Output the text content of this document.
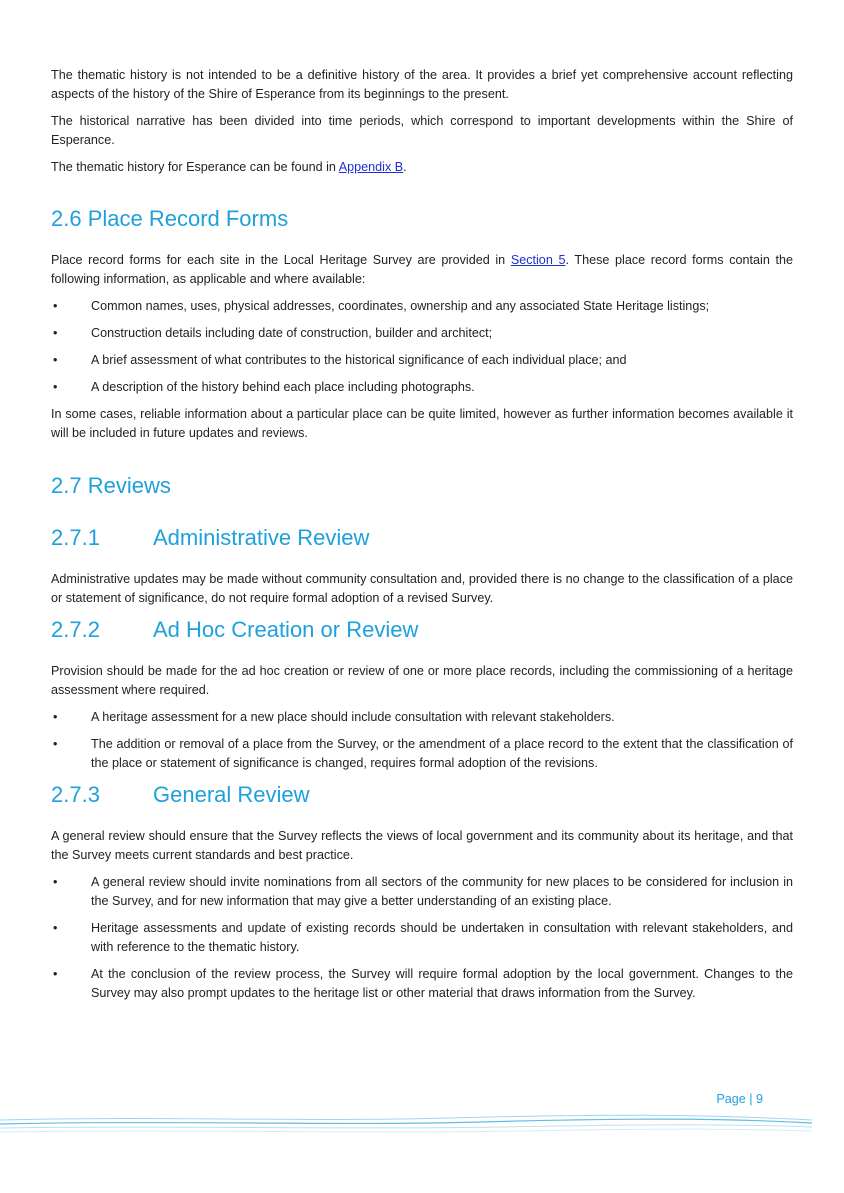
The thematic history is not intended to be a definitive history of the area. It provides a brief yet comprehensive account reflecting aspects of the history of the Shire of Esperance from its beginnings to the present.

The historical narrative has been divided into time periods, which correspond to important developments within the Shire of Esperance.

The thematic history for Esperance can be found in Appendix B.

2.6 Place Record Forms

Place record forms for each site in the Local Heritage Survey are provided in Section 5. These place record forms contain the following information, as applicable and where available:

•	Common names, uses, physical addresses, coordinates, ownership and any associated State Heritage listings;
•	Construction details including date of construction, builder and architect;
•	A brief assessment of what contributes to the historical significance of each individual place; and
•	A description of the history behind each place including photographs.

In some cases, reliable information about a particular place can be quite limited, however as further information becomes available it will be included in future updates and reviews.

2.7 Reviews
2.7.1	Administrative Review

Administrative updates may be made without community consultation and, provided there is no change to the classification of a place or statement of significance, do not require formal adoption of a revised Survey.

2.7.2	Ad Hoc Creation or Review

Provision should be made for the ad hoc creation or review of one or more place records, including the commissioning of a heritage assessment where required.

•	A heritage assessment for a new place should include consultation with relevant stakeholders.
•	The addition or removal of a place from the Survey, or the amendment of a place record to the extent that the classification of the place or statement of significance is changed, requires formal adoption of the revisions.
2.7.3	General Review

A general review should ensure that the Survey reflects the views of local government and its community about its heritage, and that the Survey meets current standards and best practice.

•	A general review should invite nominations from all sectors of the community for new places to be considered for inclusion in the Survey, and for new information that may give a better understanding of an existing place.
•	Heritage assessments and update of existing records should be undertaken in consultation with relevant stakeholders, and with reference to the thematic history.
•	At the conclusion of the review process, the Survey will require formal adoption by the local government. Changes to the Survey may also prompt updates to the heritage list or other material that draws information from the Survey.
Page | 9
